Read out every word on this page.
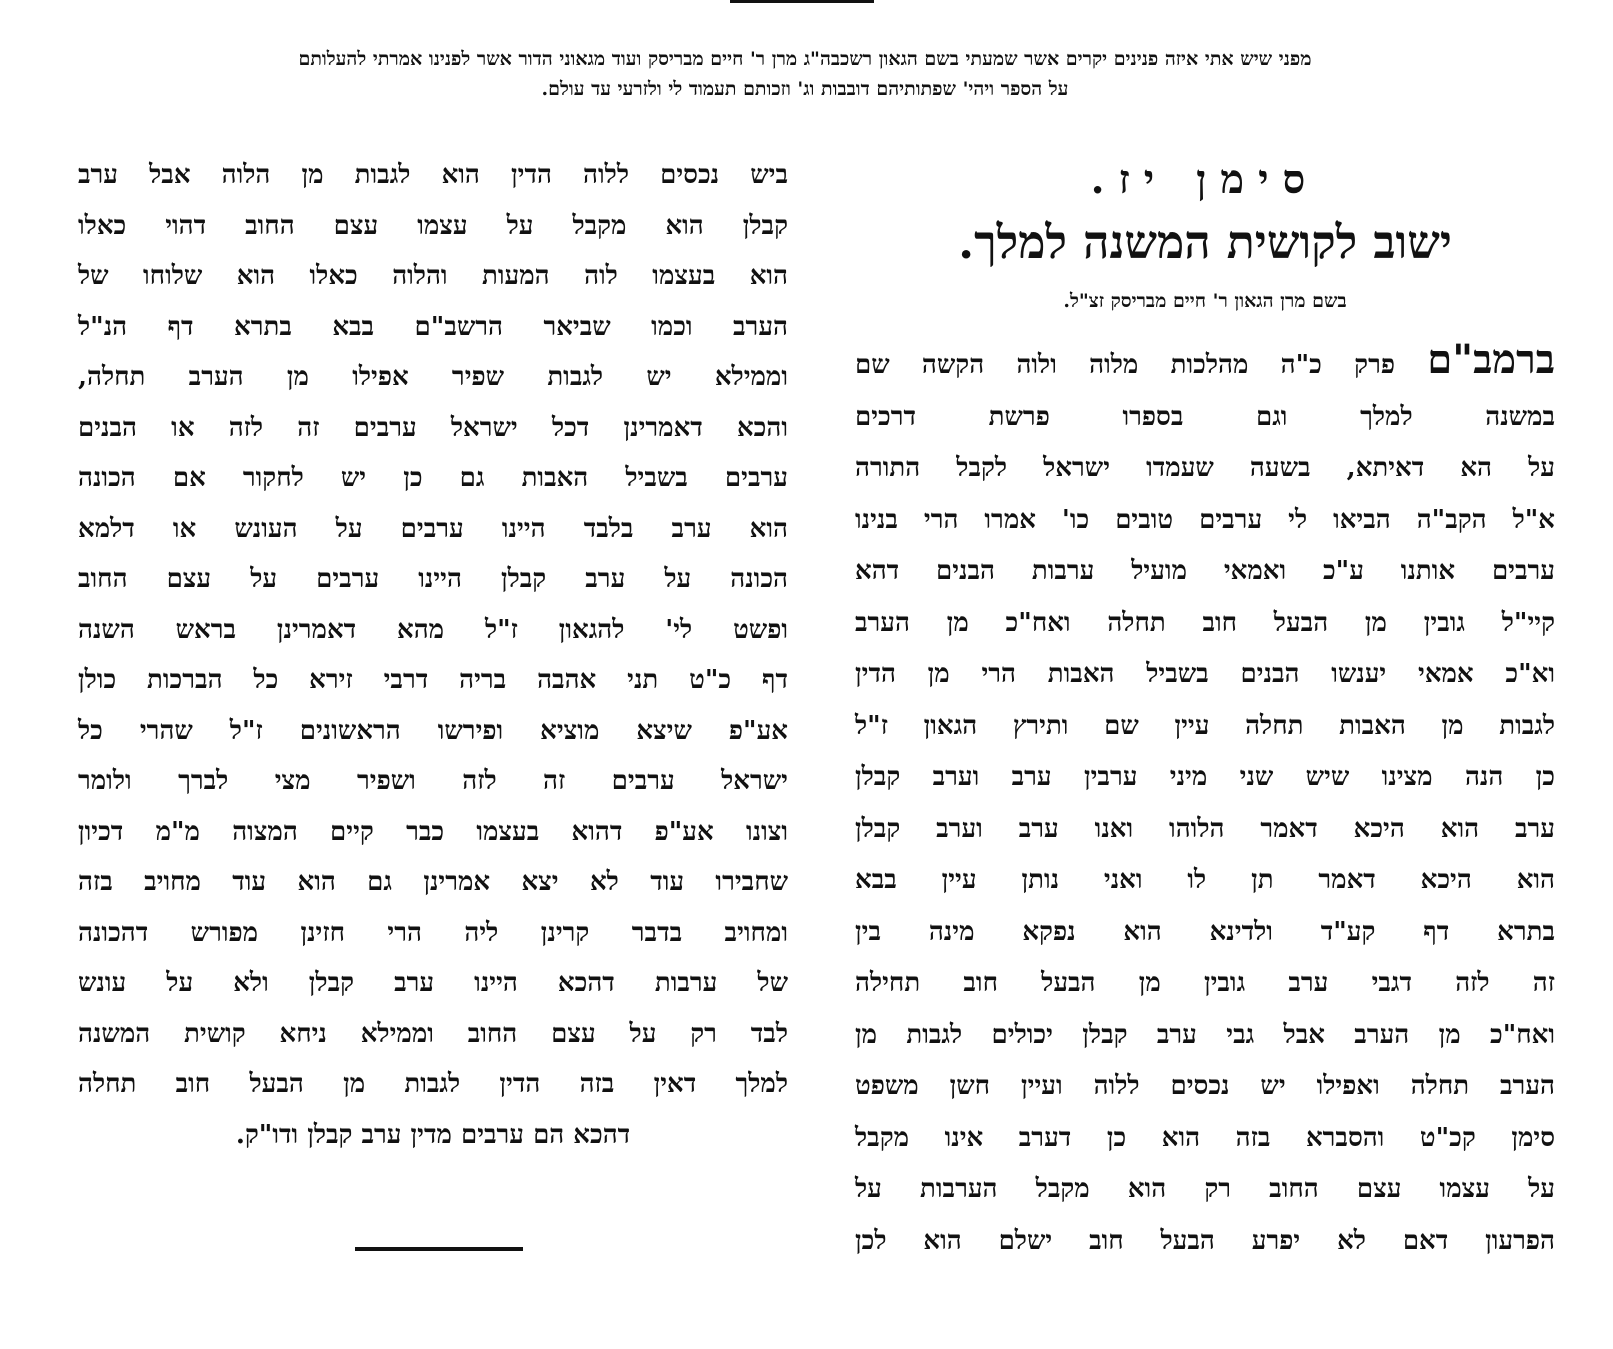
מפני שיש אתי איזה פנינים יקרים אשר שמעתי בשם הגאון רשכבה"ג מרן ר' חיים מבריסק ועוד מגאוני הדור אשר לפנינו אמרתי להעלותם
על הספר ויהי' שפתותיהם דובבות וג' וזכותם תעמוד לי ולזרעי עד עולם.
סימן יז.
ישוב לקושית המשנה למלך.
בשם מרן הגאון ר' חיים מבריסק זצ"ל.
ברמב"ם פרק כ"ה מהלכות מלוה ולוה הקשה שם
במשנה למלך וגם בספרו פרשת דרכים
על הא דאיתא, בשעה שעמדו ישראל לקבל התורה
א"ל הקב"ה הביאו לי ערבים טובים כו' אמרו הרי בנינו
ערבים אותנו ע"כ ואמאי מועיל ערבות הבנים דהא
קיי"ל גובין מן הבעל חוב תחלה ואח"כ מן הערב
וא"כ אמאי יענשו הבנים בשביל האבות הרי מן הדין
לגבות מן האבות תחלה עיין שם ותירץ הגאון ז"ל
כן הנה מצינו שיש שני מיני ערבין ערב וערב קבלן
ערב הוא היכא דאמר הלוהו ואנו ערב וערב קבלן
הוא היכא דאמר תן לו ואני נותן עיין בבא
בתרא דף קע"ד ולדינא הוא נפקא מינה בין
זה לזה דגבי ערב גובין מן הבעל חוב תחילה
ואח"כ מן הערב אבל גבי ערב קבלן יכולים לגבות מן
הערב תחלה ואפילו יש נכסים ללוה ועיין חשן משפט
סימן קכ"ט והסברא בזה הוא כן דערב אינו מקבל
על עצמו עצם החוב רק הוא מקבל הערבות על
הפרעון דאם לא יפרע הבעל חוב ישלם הוא לכן
ביש נכסים ללוה הדין הוא לגבות מן הלוה אבל ערב
קבלן הוא מקבל על עצמו עצם החוב דהוי כאלו
הוא בעצמו לוה המעות והלוה כאלו הוא שלוחו של
הערב וכמו שביאר הרשב"ם בבא בתרא דף הנ"ל
וממילא יש לגבות שפיר אפילו מן הערב תחלה,
והכא דאמרינן דכל ישראל ערבים זה לזה או הבנים
ערבים בשביל האבות גם כן יש לחקור אם הכונה
הוא ערב בלבד היינו ערבים על העונש או דלמא
הכונה על ערב קבלן היינו ערבים על עצם החוב
ופשט לי' להגאון ז"ל מהא דאמרינן בראש השנה
דף כ"ט תני אהבה בריה דרבי זירא כל הברכות כולן
אע"פ שיצא מוציא ופירשו הראשונים ז"ל שהרי כל
ישראל ערבים זה לזה ושפיר מצי לברך ולומר
וצונו אע"פ דהוא בעצמו כבר קיים המצוה מ"מ דכיון
שחבירו עוד לא יצא אמרינן גם הוא עוד מחויב בזה
ומחויב בדבר קרינן ליה הרי חזינן מפורש דהכונה
של ערבות דהכא היינו ערב קבלן ולא על עונש
לבד רק על עצם החוב וממילא ניחא קושית המשנה
למלך דאין בזה הדין לגבות מן הבעל חוב תחלה
דהכא הם ערבים מדין ערב קבלן ודו"ק.
